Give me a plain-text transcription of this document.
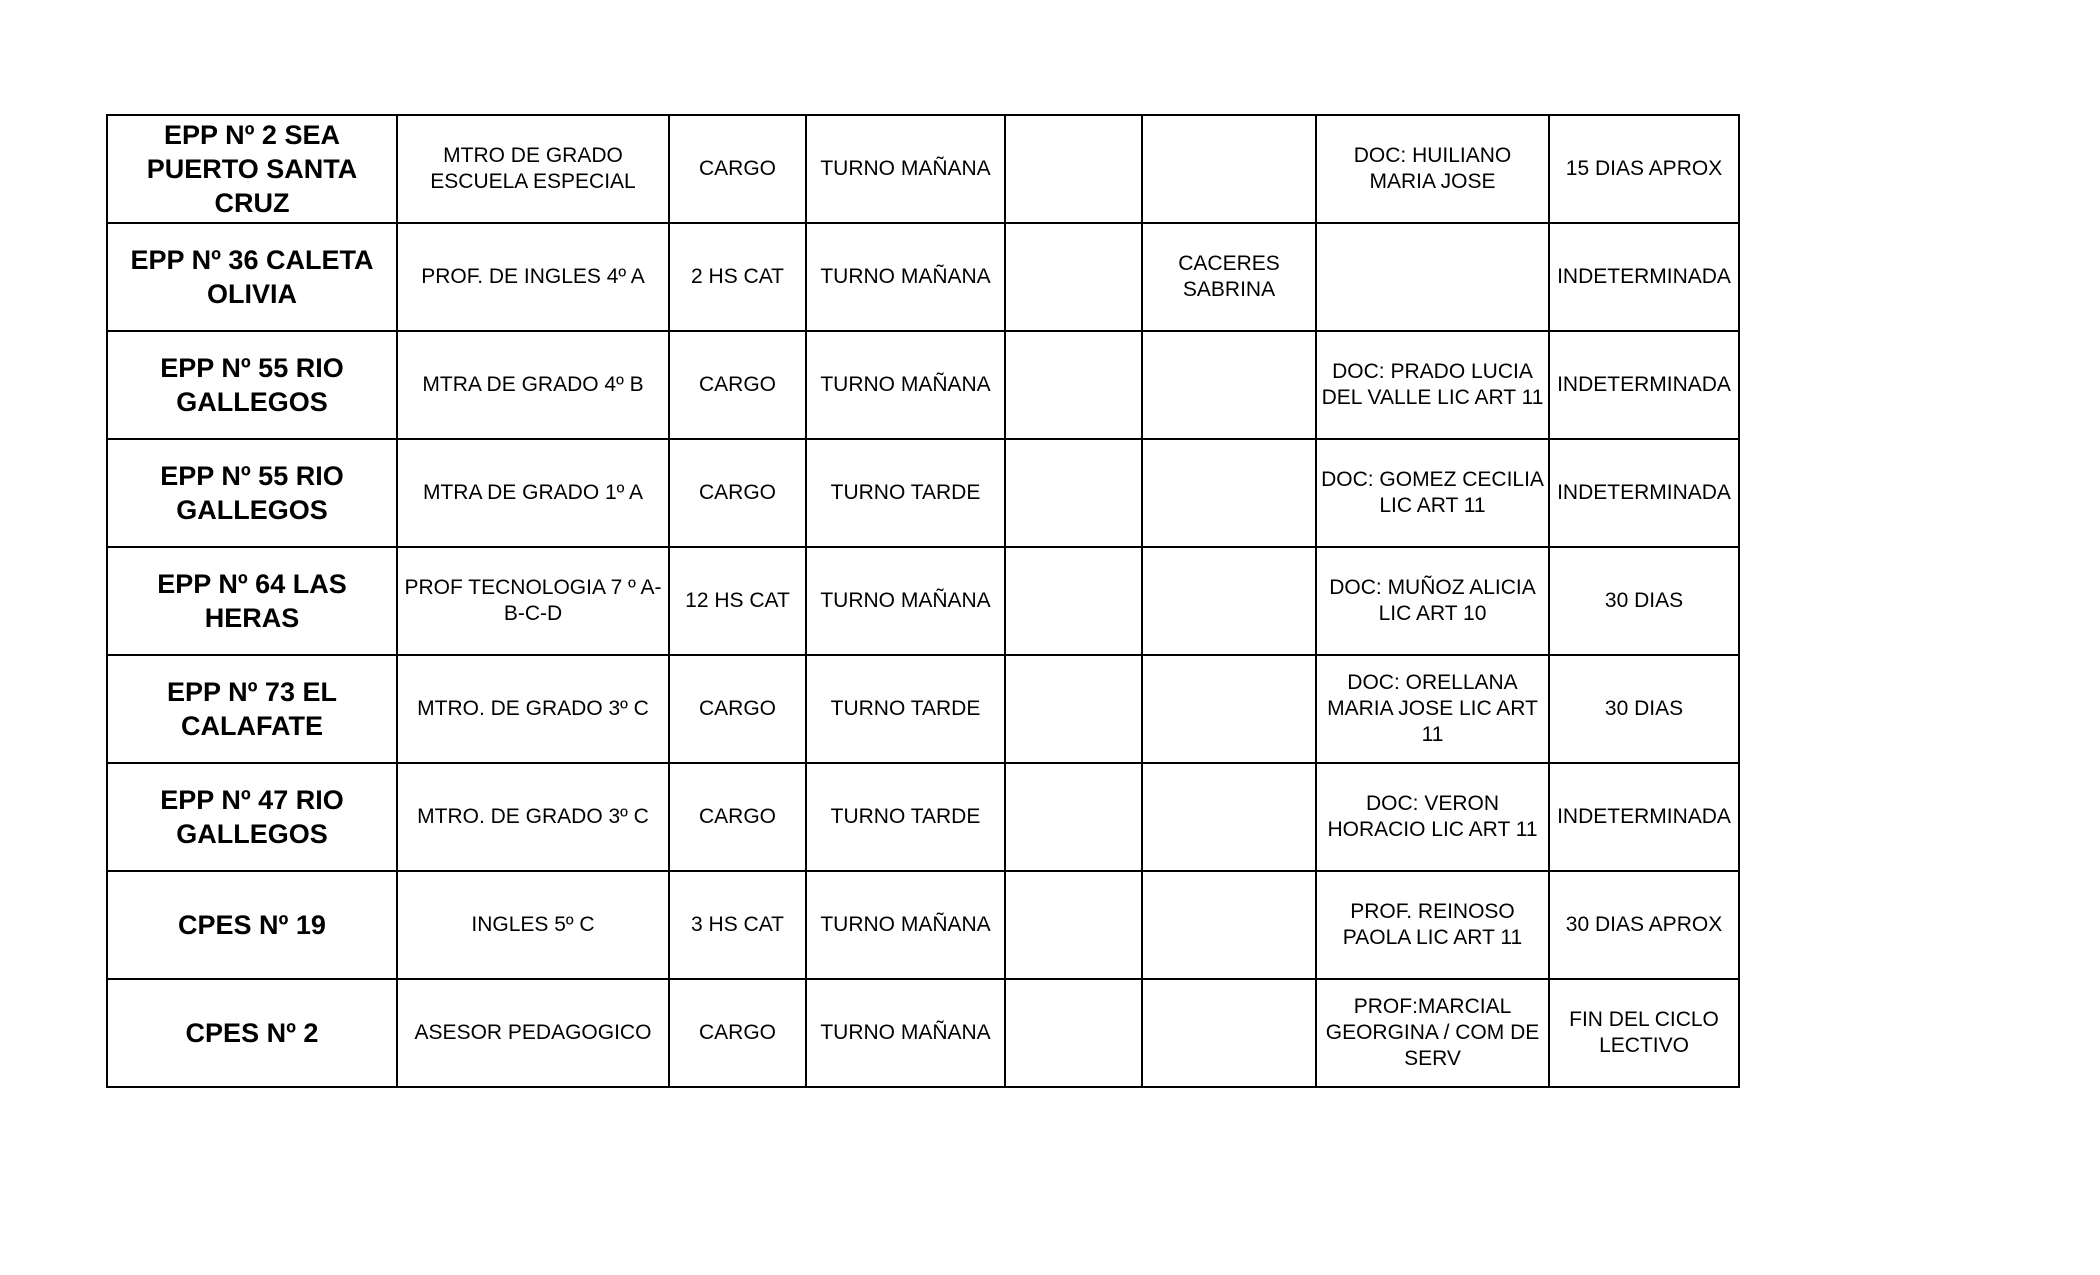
EPP Nº 2 SEA PUERTO SANTA CRUZ	MTRO DE GRADO ESCUELA ESPECIAL	CARGO	TURNO MAÑANA			DOC: HUILIANO MARIA JOSE	15 DIAS APROX
EPP Nº 36 CALETA OLIVIA	PROF. DE INGLES 4º A	2 HS CAT	TURNO MAÑANA		CACERES SABRINA		INDETERMINADA
EPP Nº 55 RIO GALLEGOS	MTRA DE GRADO 4º B	CARGO	TURNO MAÑANA			DOC: PRADO LUCIA DEL VALLE LIC ART 11	INDETERMINADA
EPP Nº 55 RIO GALLEGOS	MTRA DE GRADO 1º A	CARGO	TURNO TARDE			DOC: GOMEZ CECILIA LIC ART 11	INDETERMINADA
EPP Nº 64 LAS HERAS	PROF TECNOLOGIA 7 º A-B-C-D	12 HS CAT	TURNO MAÑANA			DOC: MUÑOZ ALICIA LIC ART 10	30 DIAS
EPP Nº 73 EL CALAFATE	MTRO. DE GRADO 3º C	CARGO	TURNO TARDE			DOC: ORELLANA MARIA JOSE LIC ART 11	30 DIAS
EPP Nº 47 RIO GALLEGOS	MTRO. DE GRADO 3º C	CARGO	TURNO TARDE			DOC: VERON HORACIO LIC ART 11	INDETERMINADA
CPES Nº 19	INGLES 5º C	3 HS CAT	TURNO MAÑANA			PROF. REINOSO PAOLA LIC ART 11	30 DIAS APROX
CPES Nº 2	ASESOR PEDAGOGICO	CARGO	TURNO MAÑANA			PROF:MARCIAL GEORGINA / COM DE SERV	FIN DEL CICLO LECTIVO
